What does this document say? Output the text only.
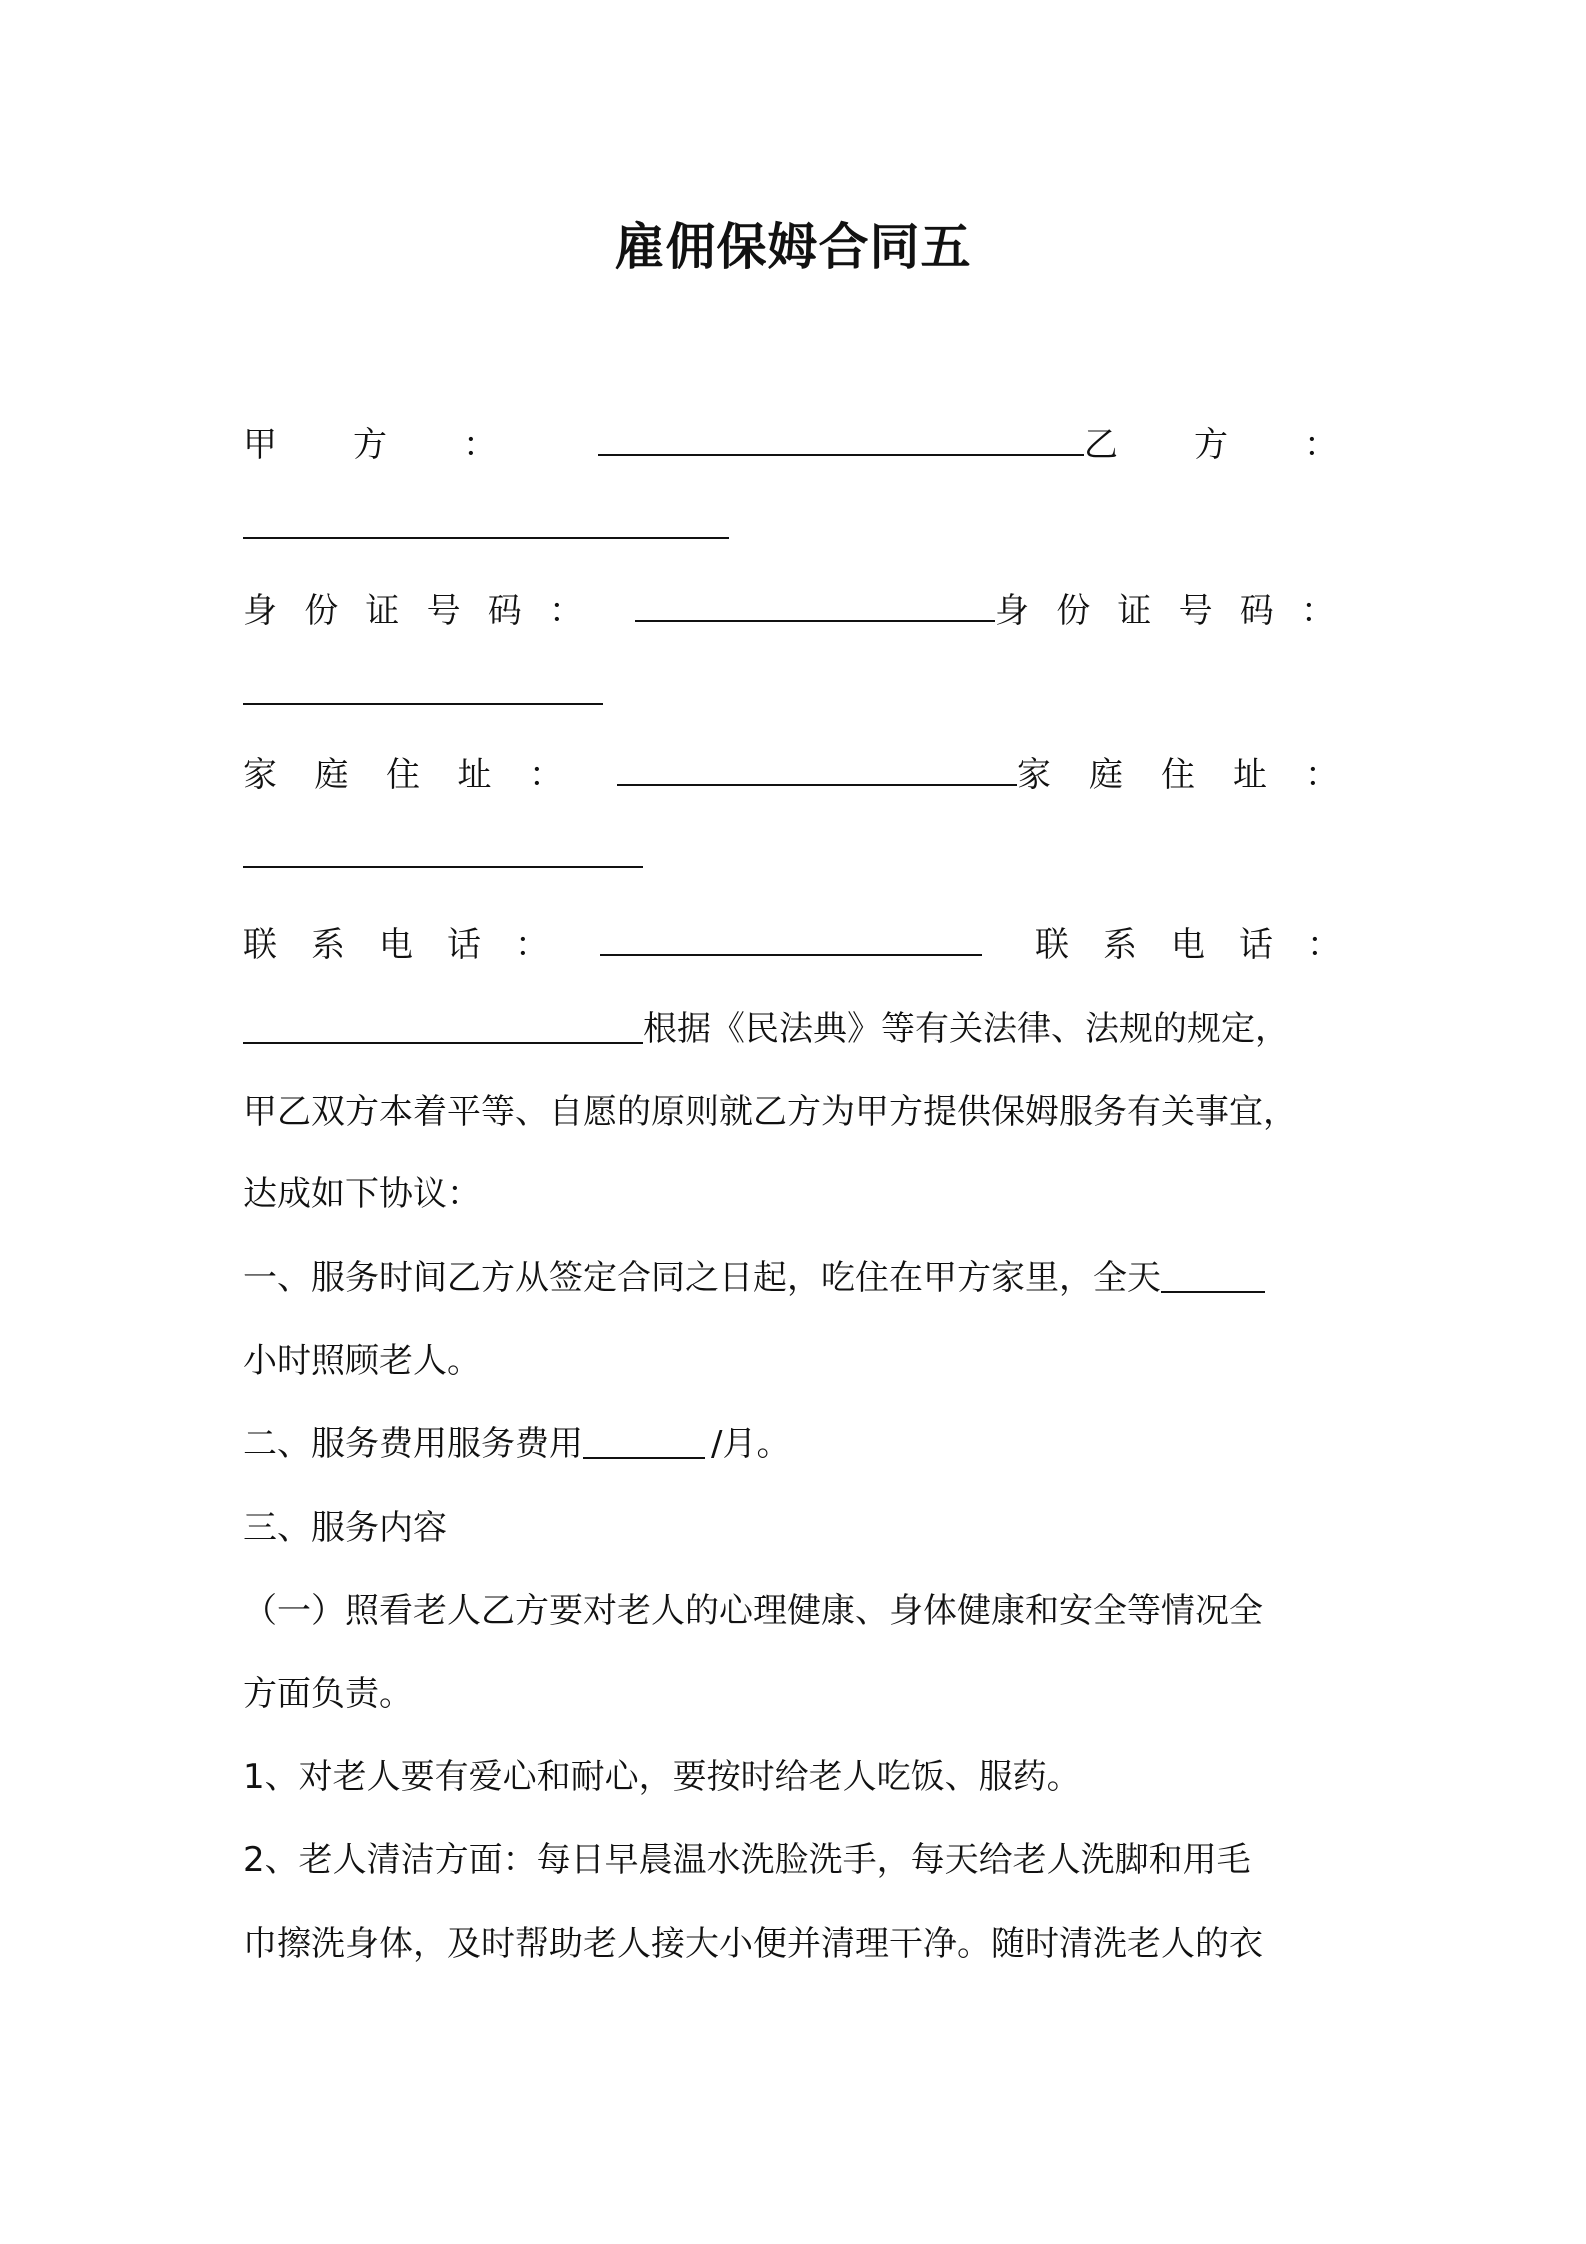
雇佣保姆合同五
甲 方 ：	乙 方 ：
身 份 证 号 码 ：	身 份 证 号 码 ：
家 庭 住 址 ：	家 庭 住 址 ：
联 系 电 话 ：	联 系 电 话 ：
根据《民法典》等有关法律、法规的规定，
甲乙双方本着平等、自愿的原则就乙方为甲方提供保姆服务有关事宜，
达成如下协议：
一、服务时间乙方从签定合同之日起，吃住在甲方家里，全天
小时照顾老人。
二、服务费用服务费用	/月。
三、服务内容
（一）照看老人乙方要对老人的心理健康、身体健康和安全等情况全
方面负责。
1、对老人要有爱心和耐心，要按时给老人吃饭、服药。
2、老人清洁方面：每日早晨温水洗脸洗手，每天给老人洗脚和用毛
巾擦洗身体，及时帮助老人接大小便并清理干净。随时清洗老人的衣
